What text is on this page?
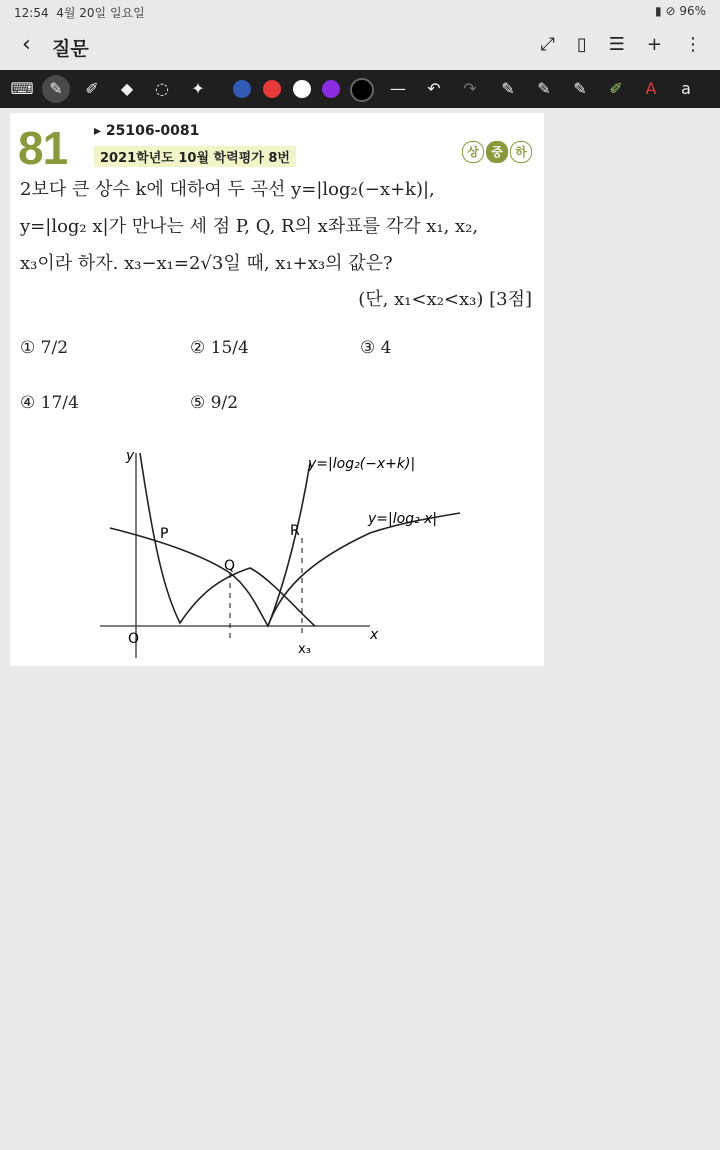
12:54 4월 20일 일요일	▮ ⊘ 96%
‹ 질문	⤢ ▯ ☰ + ⋮
⌨ ✎	✐	◆	◌	✦	—	↶	↷	✎	✎	✎	✐	A	a
81 ▸ 25106-0081
2021학년도 10월 학력평가 8번	상	중	하
2보다 큰 상수 k에 대하여 두 곡선 y=|log₂(−x+k)|,
y=|log₂ x|가 만나는 세 점 P, Q, R의 x좌표를 각각 x₁, x₂,
x₃이라 하자. x₃−x₁=2√3일 때, x₁+x₃의 값은?
(단, x₁<x₂<x₃) [3점]
① 7/2	② 15/4	③ 4
④ 17/4	⑤ 9/2
y
x
O
P
Q
R
y=|log₂(−x+k)|
y=|log₂ x|
x₃
